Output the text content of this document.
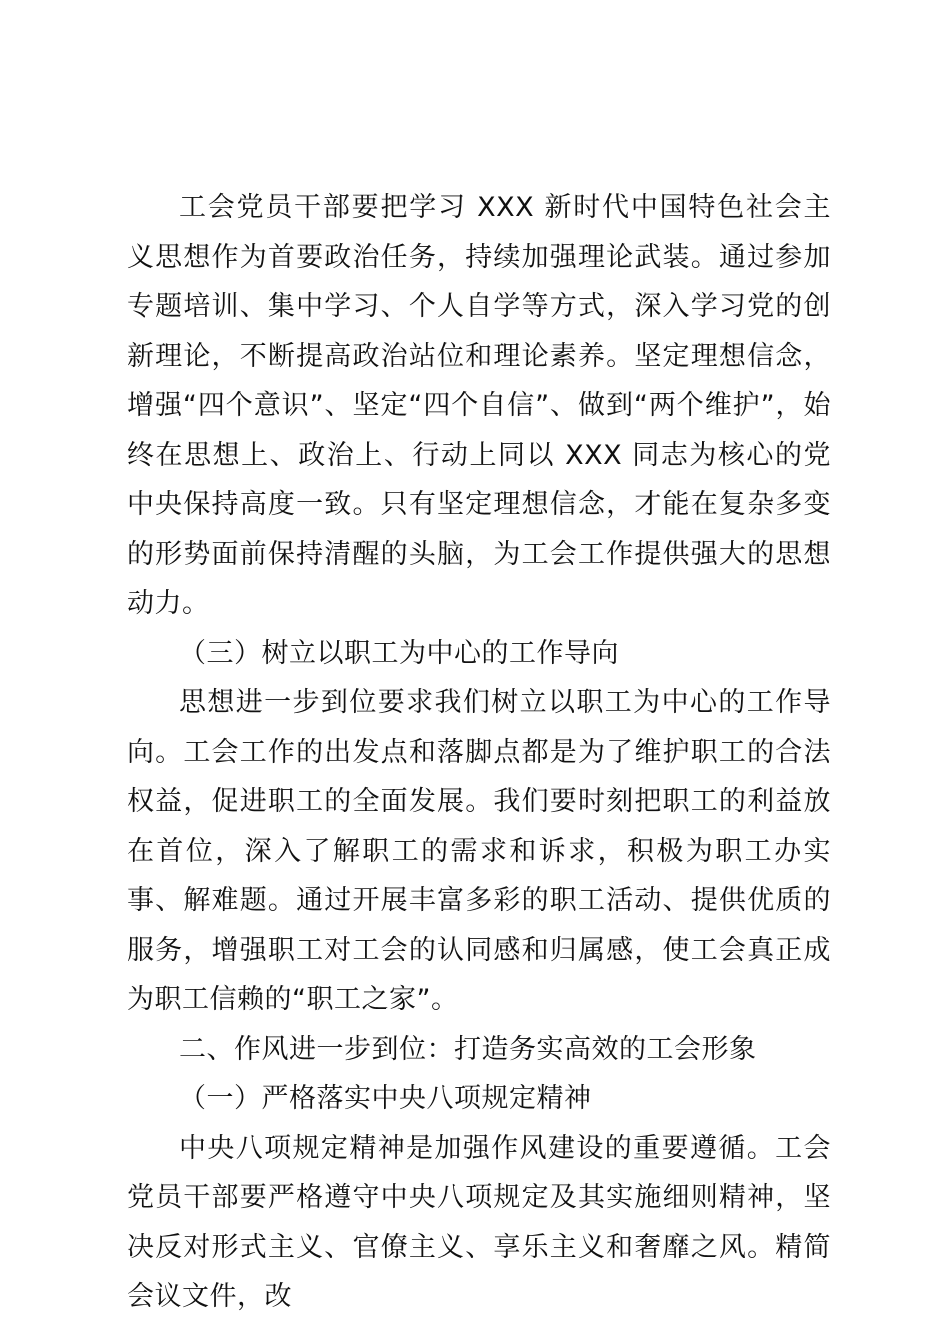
工会党员干部要把学习 XXX 新时代中国特色社会主义思想作为首要政治任务，持续加强理论武装。通过参加专题培训、集中学习、个人自学等方式，深入学习党的创新理论，不断提高政治站位和理论素养。坚定理想信念，增强“四个意识”、坚定“四个自信”、做到“两个维护”，始终在思想上、政治上、行动上同以 XXX 同志为核心的党中央保持高度一致。只有坚定理想信念，才能在复杂多变的形势面前保持清醒的头脑，为工会工作提供强大的思想动力。

（三）树立以职工为中心的工作导向

思想进一步到位要求我们树立以职工为中心的工作导向。工会工作的出发点和落脚点都是为了维护职工的合法权益，促进职工的全面发展。我们要时刻把职工的利益放在首位，深入了解职工的需求和诉求，积极为职工办实事、解难题。通过开展丰富多彩的职工活动、提供优质的服务，增强职工对工会的认同感和归属感，使工会真正成为职工信赖的“职工之家”。

二、作风进一步到位：打造务实高效的工会形象

（一）严格落实中央八项规定精神

中央八项规定精神是加强作风建设的重要遵循。工会党员干部要严格遵守中央八项规定及其实施细则精神，坚决反对形式主义、官僚主义、享乐主义和奢靡之风。精简会议文件，改
